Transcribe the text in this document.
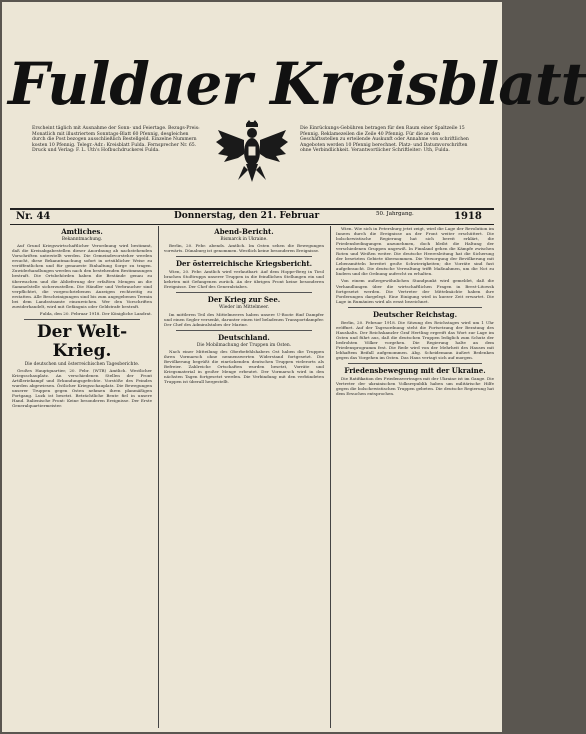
Fuldaer Kreisblatt
Erscheint täglich mit Ausnahme der Sonn- und Feiertage. Bezugs-Preis: Monatlich mit illustriertem Sonntags-Blatt 60 Pfennig, desgleichen durch die Post bezogen ausschließlich Bestellgeld. Einzelne Nummern kosten 10 Pfennig. Telegr.-Adr.: Kreisblatt Fulda. Fernsprecher Nr. 65. Druck und Verlag: F. L. Uth's Hofbuchdruckerei Fulda.
Die Einrückungs-Gebühren betragen für den Raum einer Spaltzeile 15 Pfennig. Reklamezeilen die Zeile 40 Pfennig. Für die an den Geschäftsstellen zu erteilende Auskunft oder Annahme von schriftlichen Angeboten werden 10 Pfennig berechnet. Platz- und Datumvorschriften ohne Verbindlichkeit. Verantwortlicher Schriftleiter: Uth, Fulda.
Nr. 44	Donnerstag, den 21. Februar	50. Jahrgang.	1918
Amtliches.
Bekanntmachung.

Auf Grund Kriegswirtschaftlicher Verordnung wird bestimmt, daß die Kreisabgabestellen dieser Anordnung ab nachstehenden Vorschriften unterstellt werden. Die Gemeindevorsteher werden ersucht, diese Bekanntmachung sofort in ortsüblicher Weise zu veröffentlichen und für genaueste Einhaltung Sorge zu tragen. Zuwiderhandlungen werden nach den bestehenden Bestimmungen bestraft. Die Ortsbehörden haben die Bestände genau zu überwachen und die Ablieferung der erfaßten Mengen an die Sammelstelle sicherzustellen. Die Händler und Verbraucher sind verpflichtet, die vorgeschriebenen Anzeigen rechtzeitig zu erstatten. Alle Bescheinigungen sind bis zum angegebenen Termin bei dem Landratsamte einzureichen. Wer den Vorschriften zuwiderhandelt, wird mit Gefängnis oder Geldstrafe bestraft.

Fulda, den 20. Februar 1918. Der Königliche Landrat.
Der Welt-Krieg.
Die deutschen und österreichischen Tagesberichte.

Großes Hauptquartier, 20. Febr. (WTB) Amtlich. Westlicher Kriegsschauplatz. An verschiedenen Stellen der Front Artilleriekampf und Erkundungsgefechte. Vorstöße des Feindes wurden abgewiesen. Östlicher Kriegsschauplatz. Die Bewegungen unserer Truppen gegen Osten nehmen ihren planmäßigen Fortgang. Luzk ist besetzt. Beträchtliche Beute fiel in unsere Hand. Italienische Front: Keine besonderen Ereignisse. Der Erste Generalquartiermeister.

Abend-Bericht.
Bismarck in Ukraine.

Berlin, 20. Febr. abends. Amtlich. Im Osten sehen die Bewegungen vorwärts. Dünaburg ist genommen. Westlich keine besonderen Ereignisse.

Der österreichische Kriegsbericht.

Wien, 20. Febr. Amtlich wird verlautbart: Auf dem Hoppe-Berg in Tirol brachen Stoßtrupps unserer Truppen in die feindlichen Stellungen ein und kehrten mit Gefangenen zurück. An der übrigen Front keine besonderen Ereignisse. Der Chef des Generalstabes.

Der Krieg zur See.
Wieder im Mittelmeer.

Im mittleren Teil des Mittelmeeres haben unsere U-Boote fünf Dampfer und einen Segler versenkt, darunter einen tief beladenen Transportdampfer. Der Chef des Admiralstabes der Marine.

Deutschland.
Die Mobilmachung der Truppen im Osten.

Nach einer Mitteilung des Oberbefehlshabers Ost haben die Truppen ihren Vormarsch ohne nennenswerten Widerstand fortgesetzt. Die Bevölkerung begrüßt die einrückenden deutschen Truppen vielerorts als Befreier. Zahlreiche Ortschaften wurden besetzt, Vorräte und Kriegsmaterial in großer Menge erbeutet. Der Vormarsch wird in den nächsten Tagen fortgesetzt werden. Die Verbindung mit den verbündeten Truppen ist überall hergestellt.

Wien. Wie sich in Petersburg jetzt zeigt, wird die Lage der Revolution im Innern durch die Ereignisse an der Front weiter erschüttert. Die bolschewistische Regierung hat sich bereit erklärt, die Friedensbedingungen anzunehmen, doch bleibt die Haltung der verschiedenen Gruppen ungewiß. In Finnland gehen die Kämpfe zwischen Roten und Weißen weiter. Die deutsche Heeresleitung hat die Sicherung der besetzten Gebiete übernommen. Die Versorgung der Bevölkerung mit Lebensmitteln bereitet große Schwierigkeiten; die Vorräte sind fast aufgebraucht. Die deutsche Verwaltung trifft Maßnahmen, um die Not zu lindern und die Ordnung aufrecht zu erhalten.

Von einem außergewöhnlichen Standpunkt wird gemeldet, daß die Verhandlungen über die wirtschaftlichen Fragen in Brest-Litowsk fortgesetzt werden. Die Vertreter der Mittelmächte haben ihre Forderungen dargelegt. Eine Einigung wird in kurzer Zeit erwartet. Die Lage in Rumänien wird als ernst bezeichnet.

Deutscher Reichstag.

Berlin, 20. Februar 1918. Die Sitzung des Reichstages wird um 1 Uhr eröffnet. Auf der Tagesordnung steht die Fortsetzung der Beratung des Haushalts. Der Reichskanzler Graf Hertling ergreift das Wort zur Lage im Osten und führt aus, daß die deutschen Truppen lediglich zum Schutz der bedrohten Völker vorgehen. Die Regierung halte an dem Friedensprogramm fest. Die Rede wird von der Mehrheit des Hauses mit lebhaftem Beifall aufgenommen. Abg. Scheidemann äußert Bedenken gegen das Vorgehen im Osten. Das Haus vertagt sich auf morgen.

Friedensbewegung mit der Ukraine.

Die Ratifikation des Friedensvertrages mit der Ukraine ist im Gange. Die Vertreter der ukrainischen Volksrepublik haben um militärische Hilfe gegen die bolschewistischen Truppen gebeten. Die deutsche Regierung hat dem Ersuchen entsprochen.
